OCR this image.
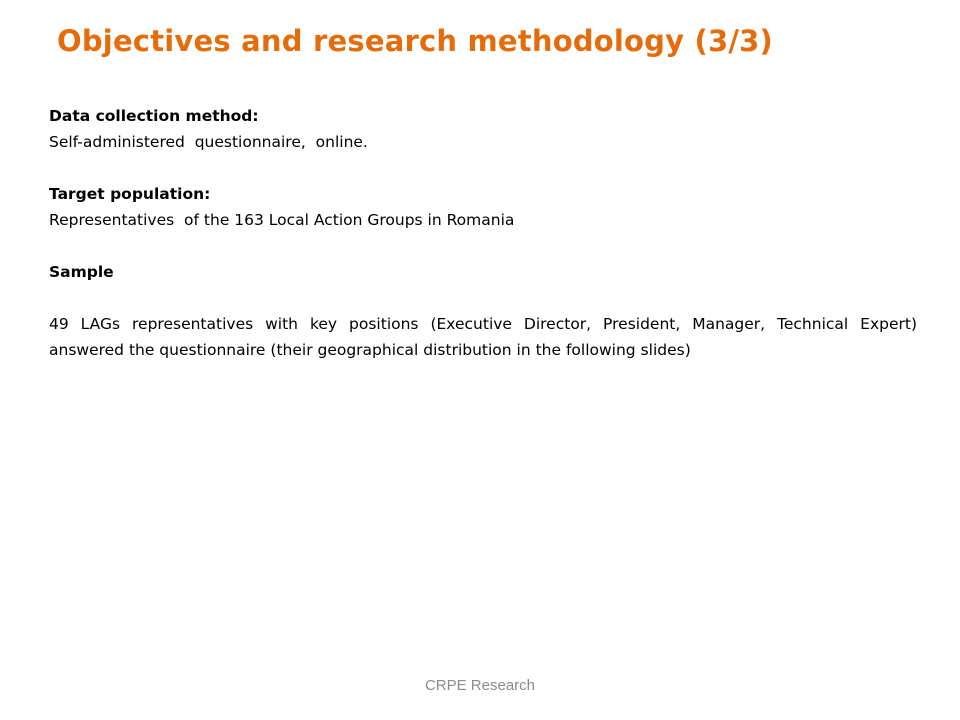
Objectives and research methodology (3/3)

Data collection method:

Self-administered  questionnaire,  online.

Target population:

Representatives  of the 163 Local Action Groups in Romania

Sample

49 LAGs representatives with key positions (Executive Director, President, Manager, Technical Expert) answered the questionnaire (their geographical distribution in the following slides)

CRPE Research
